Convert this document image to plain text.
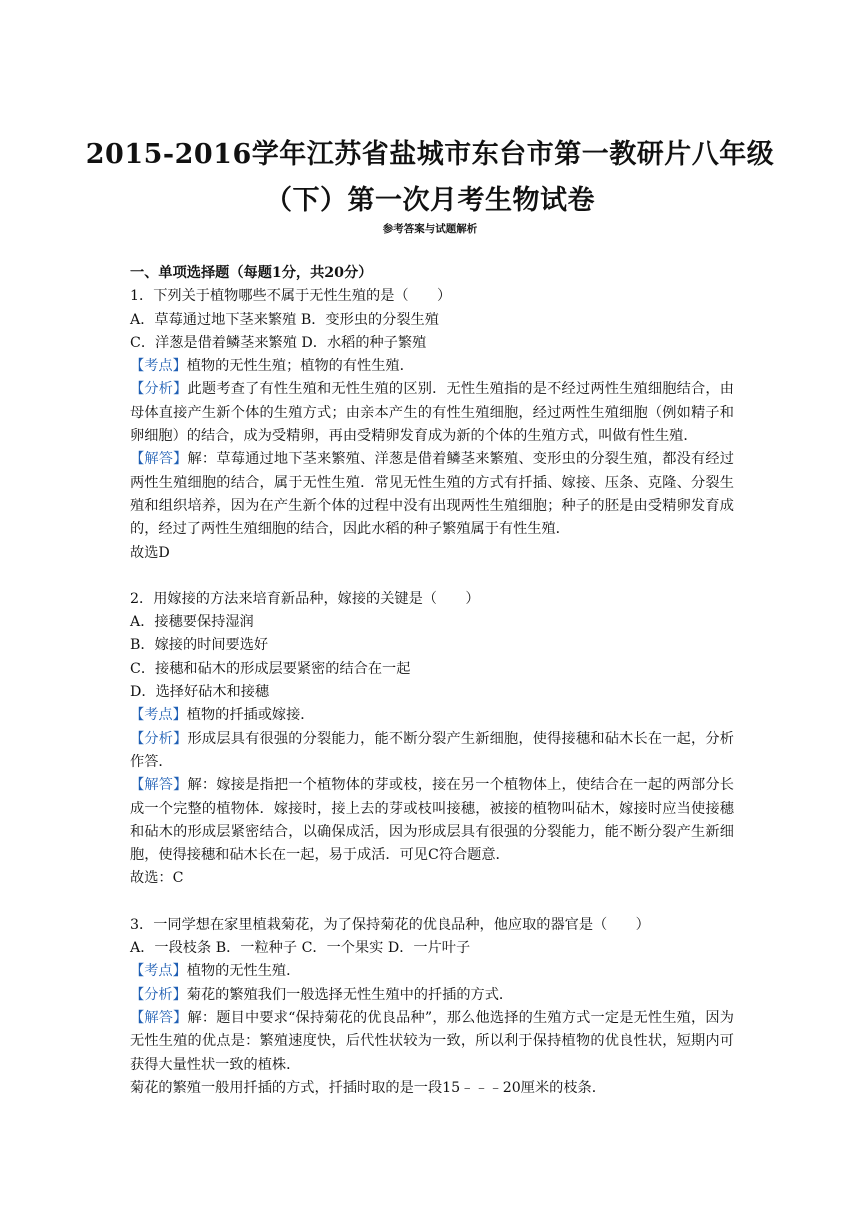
2015-2016学年江苏省盐城市东台市第一教研片八年级
（下）第一次月考生物试卷
参考答案与试题解析
一、单项选择题（每题1分，共20分）
1．下列关于植物哪些不属于无性生殖的是（　　）
A．草莓通过地下茎来繁殖 B．变形虫的分裂生殖
C．洋葱是借着鳞茎来繁殖 D．水稻的种子繁殖
【考点】植物的无性生殖；植物的有性生殖．
【分析】此题考查了有性生殖和无性生殖的区别．无性生殖指的是不经过两性生殖细胞结合，由母体直接产生新个体的生殖方式；由亲本产生的有性生殖细胞，经过两性生殖细胞（例如精子和卵细胞）的结合，成为受精卵，再由受精卵发育成为新的个体的生殖方式，叫做有性生殖．
【解答】解：草莓通过地下茎来繁殖、洋葱是借着鳞茎来繁殖、变形虫的分裂生殖，都没有经过两性生殖细胞的结合，属于无性生殖．常见无性生殖的方式有扦插、嫁接、压条、克隆、分裂生殖和组织培养，因为在产生新个体的过程中没有出现两性生殖细胞；种子的胚是由受精卵发育成的，经过了两性生殖细胞的结合，因此水稻的种子繁殖属于有性生殖．
故选D
2．用嫁接的方法来培育新品种，嫁接的关键是（　　）
A．接穗要保持湿润
B．嫁接的时间要选好
C．接穗和砧木的形成层要紧密的结合在一起
D．选择好砧木和接穗
【考点】植物的扦插或嫁接．
【分析】形成层具有很强的分裂能力，能不断分裂产生新细胞，使得接穗和砧木长在一起，分析作答．
【解答】解：嫁接是指把一个植物体的芽或枝，接在另一个植物体上，使结合在一起的两部分长成一个完整的植物体．嫁接时，接上去的芽或枝叫接穗，被接的植物叫砧木，嫁接时应当使接穗和砧木的形成层紧密结合，以确保成活，因为形成层具有很强的分裂能力，能不断分裂产生新细胞，使得接穗和砧木长在一起，易于成活．可见C符合题意．
故选：C
3．一同学想在家里植栽菊花，为了保持菊花的优良品种，他应取的器官是（　　）
A．一段枝条 B．一粒种子 C．一个果实 D．一片叶子
【考点】植物的无性生殖．
【分析】菊花的繁殖我们一般选择无性生殖中的扦插的方式．
【解答】解：题目中要求“保持菊花的优良品种”，那么他选择的生殖方式一定是无性生殖，因为无性生殖的优点是：繁殖速度快，后代性状较为一致，所以利于保持植物的优良性状，短期内可获得大量性状一致的植株．
菊花的繁殖一般用扦插的方式，扦插时取的是一段15﹣﹣﹣20厘米的枝条．
